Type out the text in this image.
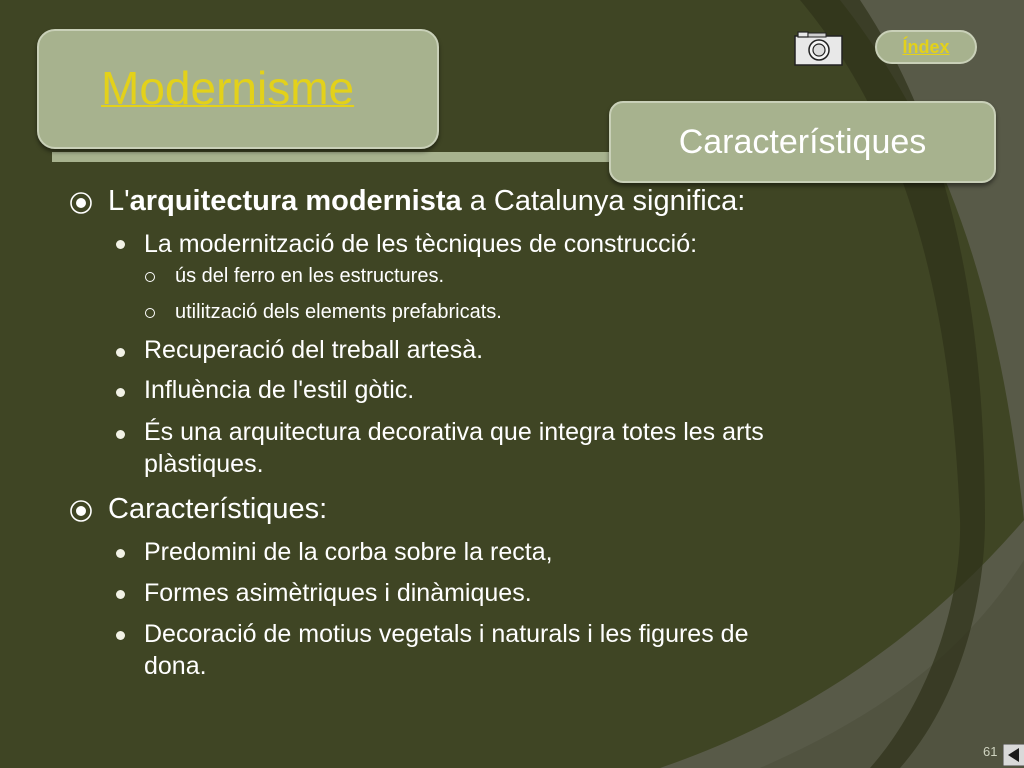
Modernisme
Característiques
Índex
L'arquitectura modernista a Catalunya significa:
La modernització de les tècniques de construcció:
ús del ferro en les estructures.
utilització dels elements prefabricats.
Recuperació del treball artesà.
Influència de l'estil gòtic.
És una arquitectura decorativa que integra totes les arts
plàstiques.
Característiques:
Predomini de la corba sobre la recta,
Formes asimètriques i dinàmiques.
Decoració de motius vegetals i naturals i les figures de
dona.
61
